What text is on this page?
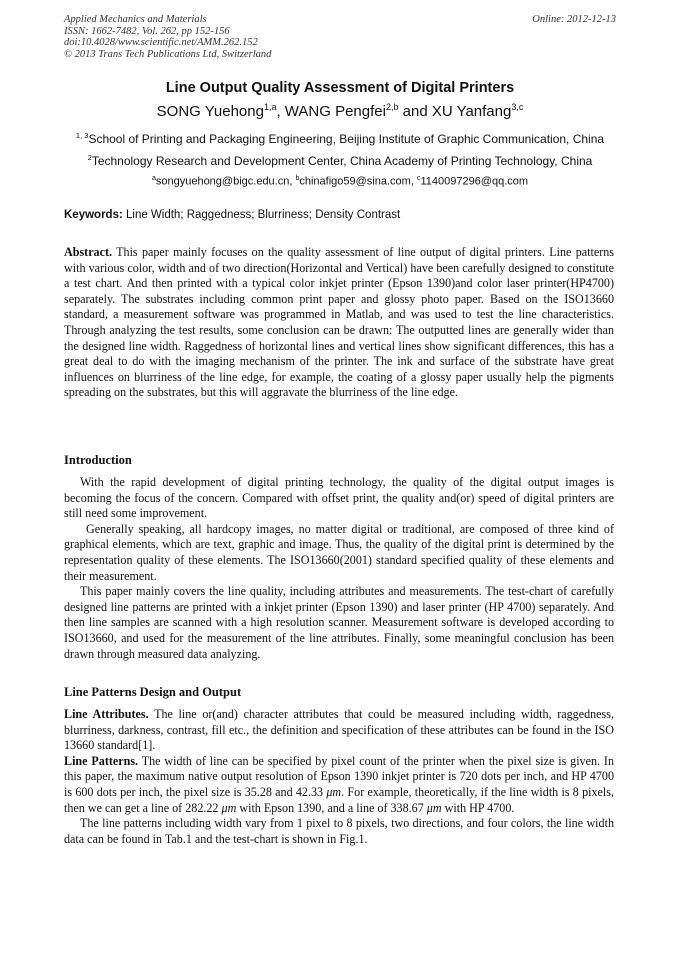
Applied Mechanics and Materials
ISSN: 1662-7482, Vol. 262, pp 152-156
doi:10.4028/www.scientific.net/AMM.262.152
© 2013 Trans Tech Publications Ltd, Switzerland
Online: 2012-12-13
Line Output Quality Assessment of Digital Printers
SONG Yuehong$^{1,a}$, WANG Pengfei$^{2,b}$ and XU Yanfang$^{3,c}$
$^{1, 3}$School of Printing and Packaging Engineering, Beijing Institute of Graphic Communication, China
$^2$Technology Research and Development Center, China Academy of Printing Technology, China
$^a$songyuehong@bigc.edu.cn, $^b$chinafigo59@sina.com, $^c$1140097296@qq.com
Keywords: Line Width; Raggedness; Blurriness; Density Contrast

Abstract. This paper mainly focuses on the quality assessment of line output of digital printers. Line patterns with various color, width and of two direction(Horizontal and Vertical) have been carefully designed to constitute a test chart. And then printed with a typical color inkjet printer (Epson 1390)and color laser printer(HP4700) separately. The substrates including common print paper and glossy photo paper. Based on the ISO13660 standard, a measurement software was programmed in Matlab, and was used to test the line characteristics. Through analyzing the test results, some conclusion can be drawn: The outputted lines are generally wider than the designed line width. Raggedness of horizontal lines and vertical lines show significant differences, this has a great deal to do with the imaging mechanism of the printer. The ink and surface of the substrate have great influences on blurriness of the line edge, for example, the coating of a glossy paper usually help the pigments spreading on the substrates, but this will aggravate the blurriness of the line edge.

Introduction

With the rapid development of digital printing technology, the quality of the digital output images is becoming the focus of the concern. Compared with offset print, the quality and(or) speed of digital printers are still need some improvement.

Generally speaking, all hardcopy images, no matter digital or traditional, are composed of three kind of graphical elements, which are text, graphic and image. Thus, the quality of the digital print is determined by the representation quality of these elements. The ISO13660(2001) standard specified quality of these elements and their measurement.

This paper mainly covers the line quality, including attributes and measurements. The test-chart of carefully designed line patterns are printed with a inkjet printer (Epson 1390) and laser printer (HP 4700) separately. And then line samples are scanned with a high resolution scanner. Measurement software is developed according to ISO13660, and used for the measurement of the line attributes. Finally, some meaningful conclusion has been drawn through measured data analyzing.

Line Patterns Design and Output

Line Attributes. The line or(and) character attributes that could be measured including width, raggedness, blurriness, darkness, contrast, fill etc., the definition and specification of these attributes can be found in the ISO 13660 standard[1].

Line Patterns. The width of line can be specified by pixel count of the printer when the pixel size is given. In this paper, the maximum native output resolution of Epson 1390 inkjet printer is 720 dots per inch, and HP 4700 is 600 dots per inch, the pixel size is 35.28 and 42.33 μm. For example, theoretically, if the line width is 8 pixels, then we can get a line of 282.22 μm with Epson 1390, and a line of 338.67 μm with HP 4700.

The line patterns including width vary from 1 pixel to 8 pixels, two directions, and four colors, the line width data can be found in Tab.1 and the test-chart is shown in Fig.1.
